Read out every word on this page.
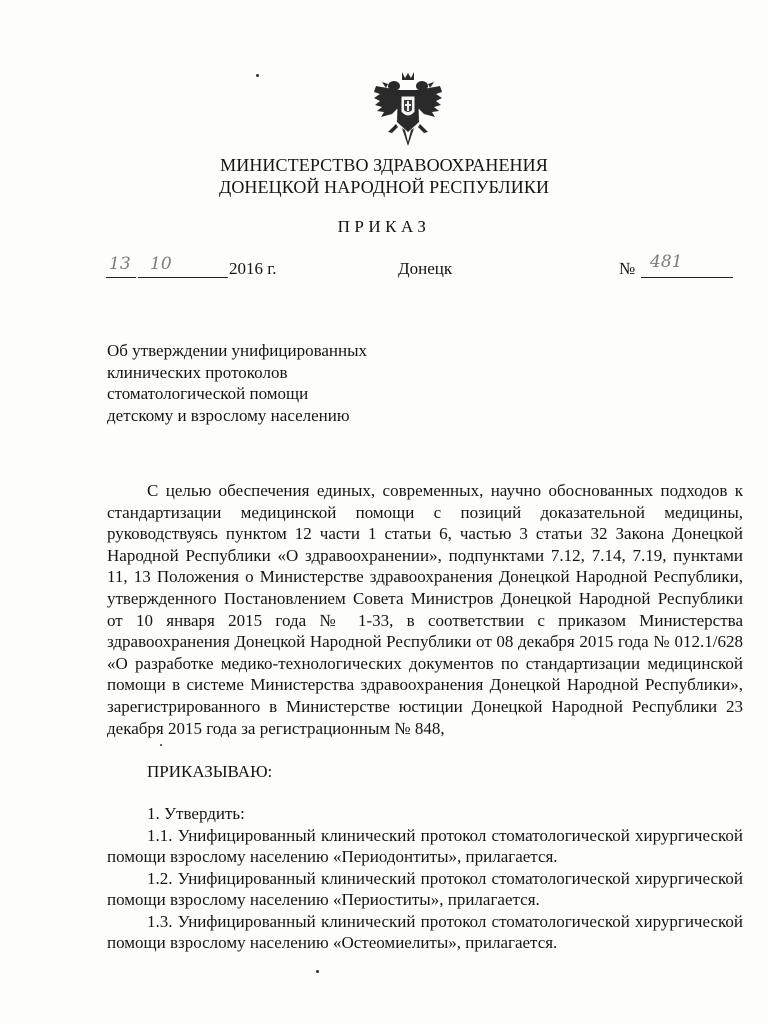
МИНИСТЕРСТВО ЗДРАВООХРАНЕНИЯ
ДОНЕЦКОЙ НАРОДНОЙ РЕСПУБЛИКИ
ПРИКАЗ
13 10	2016 г.	Донецк	№ 481
Об утверждении унифицированных
клинических протоколов
стоматологической помощи
детскому и взрослому населению

С целью обеспечения единых, современных, научно обоснованных подходов к стандартизации медицинской помощи с позиций доказательной медицины, руководствуясь пунктом 12 части 1 статьи 6, частью 3 статьи 32 Закона Донецкой Народной Республики «О здравоохранении», подпунктами 7.12, 7.14, 7.19, пунктами 11, 13 Положения о Министерстве здравоохранения Донецкой Народной Республики, утвержденного Постановлением Совета Министров Донецкой Народной Республики от 10 января 2015 года № 1-33, в соответствии с приказом Министерства здравоохранения Донецкой Народной Республики от 08 декабря 2015 года № 012.1/628 «О разработке медико-технологических документов по стандартизации медицинской помощи в системе Министерства здравоохранения Донецкой Народной Республики», зарегистрированного в Министерстве юстиции Донецкой Народной Республики 23 декабря 2015 года за регистрационным № 848,

ПРИКАЗЫВАЮ:

1. Утвердить:

1.1. Унифицированный клинический протокол стоматологической хирургической помощи взрослому населению «Периодонтиты», прилагается.

1.2. Унифицированный клинический протокол стоматологической хирургической помощи взрослому населению «Периоститы», прилагается.

1.3. Унифицированный клинический протокол стоматологической хирургической помощи взрослому населению «Остеомиелиты», прилагается.
